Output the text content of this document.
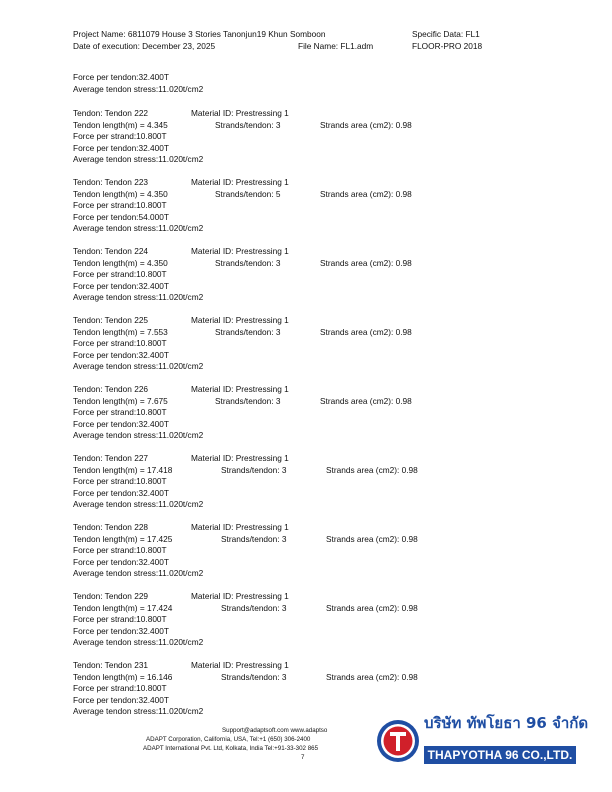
Project Name: 6811079 House 3 Stories Tanonjun19 Khun Somboon
Date of execution: December 23, 2025	File Name: FL1.adm
Specific Data: FL1
FLOOR-PRO 2018
Force per tendon:32.400T
Average tendon stress:11.020t/cm2
Tendon: Tendon 222	Material ID: Prestressing 1
Tendon length(m) = 4.345	Strands/tendon: 3	Strands area (cm2): 0.98
Force per strand:10.800T
Force per tendon:32.400T
Average tendon stress:11.020t/cm2
Tendon: Tendon 223	Material ID: Prestressing 1
Tendon length(m) = 4.350	Strands/tendon: 5	Strands area (cm2): 0.98
Force per strand:10.800T
Force per tendon:54.000T
Average tendon stress:11.020t/cm2
Tendon: Tendon 224	Material ID: Prestressing 1
Tendon length(m) = 4.350	Strands/tendon: 3	Strands area (cm2): 0.98
Force per strand:10.800T
Force per tendon:32.400T
Average tendon stress:11.020t/cm2
Tendon: Tendon 225	Material ID: Prestressing 1
Tendon length(m) = 7.553	Strands/tendon: 3	Strands area (cm2): 0.98
Force per strand:10.800T
Force per tendon:32.400T
Average tendon stress:11.020t/cm2
Tendon: Tendon 226	Material ID: Prestressing 1
Tendon length(m) = 7.675	Strands/tendon: 3	Strands area (cm2): 0.98
Force per strand:10.800T
Force per tendon:32.400T
Average tendon stress:11.020t/cm2
Tendon: Tendon 227	Material ID: Prestressing 1
Tendon length(m) = 17.418	Strands/tendon: 3	Strands area (cm2): 0.98
Force per strand:10.800T
Force per tendon:32.400T
Average tendon stress:11.020t/cm2
Tendon: Tendon 228	Material ID: Prestressing 1
Tendon length(m) = 17.425	Strands/tendon: 3	Strands area (cm2): 0.98
Force per strand:10.800T
Force per tendon:32.400T
Average tendon stress:11.020t/cm2
Tendon: Tendon 229	Material ID: Prestressing 1
Tendon length(m) = 17.424	Strands/tendon: 3	Strands area (cm2): 0.98
Force per strand:10.800T
Force per tendon:32.400T
Average tendon stress:11.020t/cm2
Tendon: Tendon 231	Material ID: Prestressing 1
Tendon length(m) = 16.146	Strands/tendon: 3	Strands area (cm2): 0.98
Force per strand:10.800T
Force per tendon:32.400T
Average tendon stress:11.020t/cm2
Support@adaptsoft.com www.adaptso
ADAPT Corporation, California, USA, Tel:+1 (650) 306-2400
ADAPT International Pvt. Ltd, Kolkata, India Tel:+91-33-302 865
7
บริษัท ทัพโยธา 96 จำกัด
THAPYOTHA 96 CO.,LTD.
